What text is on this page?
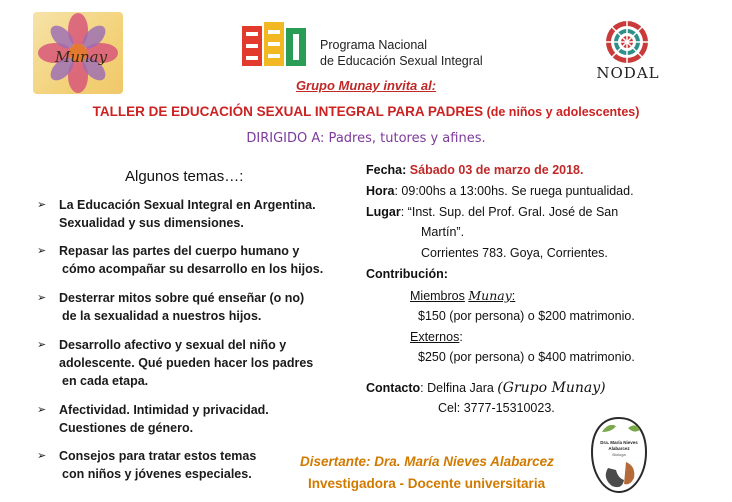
Munay
Programa Nacional
de Educación Sexual Integral
NODAL
Grupo Munay invita al:
TALLER DE EDUCACIÓN SEXUAL INTEGRAL PARA PADRES (de niños y adolescentes)
DIRIGIDO A: Padres, tutores y afines.
Algunos temas…:
➢ La Educación Sexual Integral en Argentina.
Sexualidad y sus dimensiones.
➢ Repasar las partes del cuerpo humano y
cómo acompañar su desarrollo en los hijos.
➢ Desterrar mitos sobre qué enseñar (o no)
de la sexualidad a nuestros hijos.
➢ Desarrollo afectivo y sexual del niño y
adolescente. Qué pueden hacer los padres
en cada etapa.
➢ Afectividad. Intimidad y privacidad.
Cuestiones de género.
➢ Consejos para tratar estos temas
con niños y jóvenes especiales.
Fecha: Sábado 03 de marzo de 2018.
Hora: 09:00hs a 13:00hs. Se ruega puntualidad.
Lugar: “Inst. Sup. del Prof. Gral. José de San
Martín”.
Corrientes 783. Goya, Corrientes.
Contribución:
Miembros Munay:
$150 (por persona) o $200 matrimonio.
Externos:
$250 (por persona) o $400 matrimonio.
Contacto: Delfina Jara (Grupo Munay)
Cel: 3777-15310023.
Disertante: Dra. María Nieves Alabarcez
Investigadora - Docente universitaria
Dra. María Nieves
Alabarcez
Bióloga
